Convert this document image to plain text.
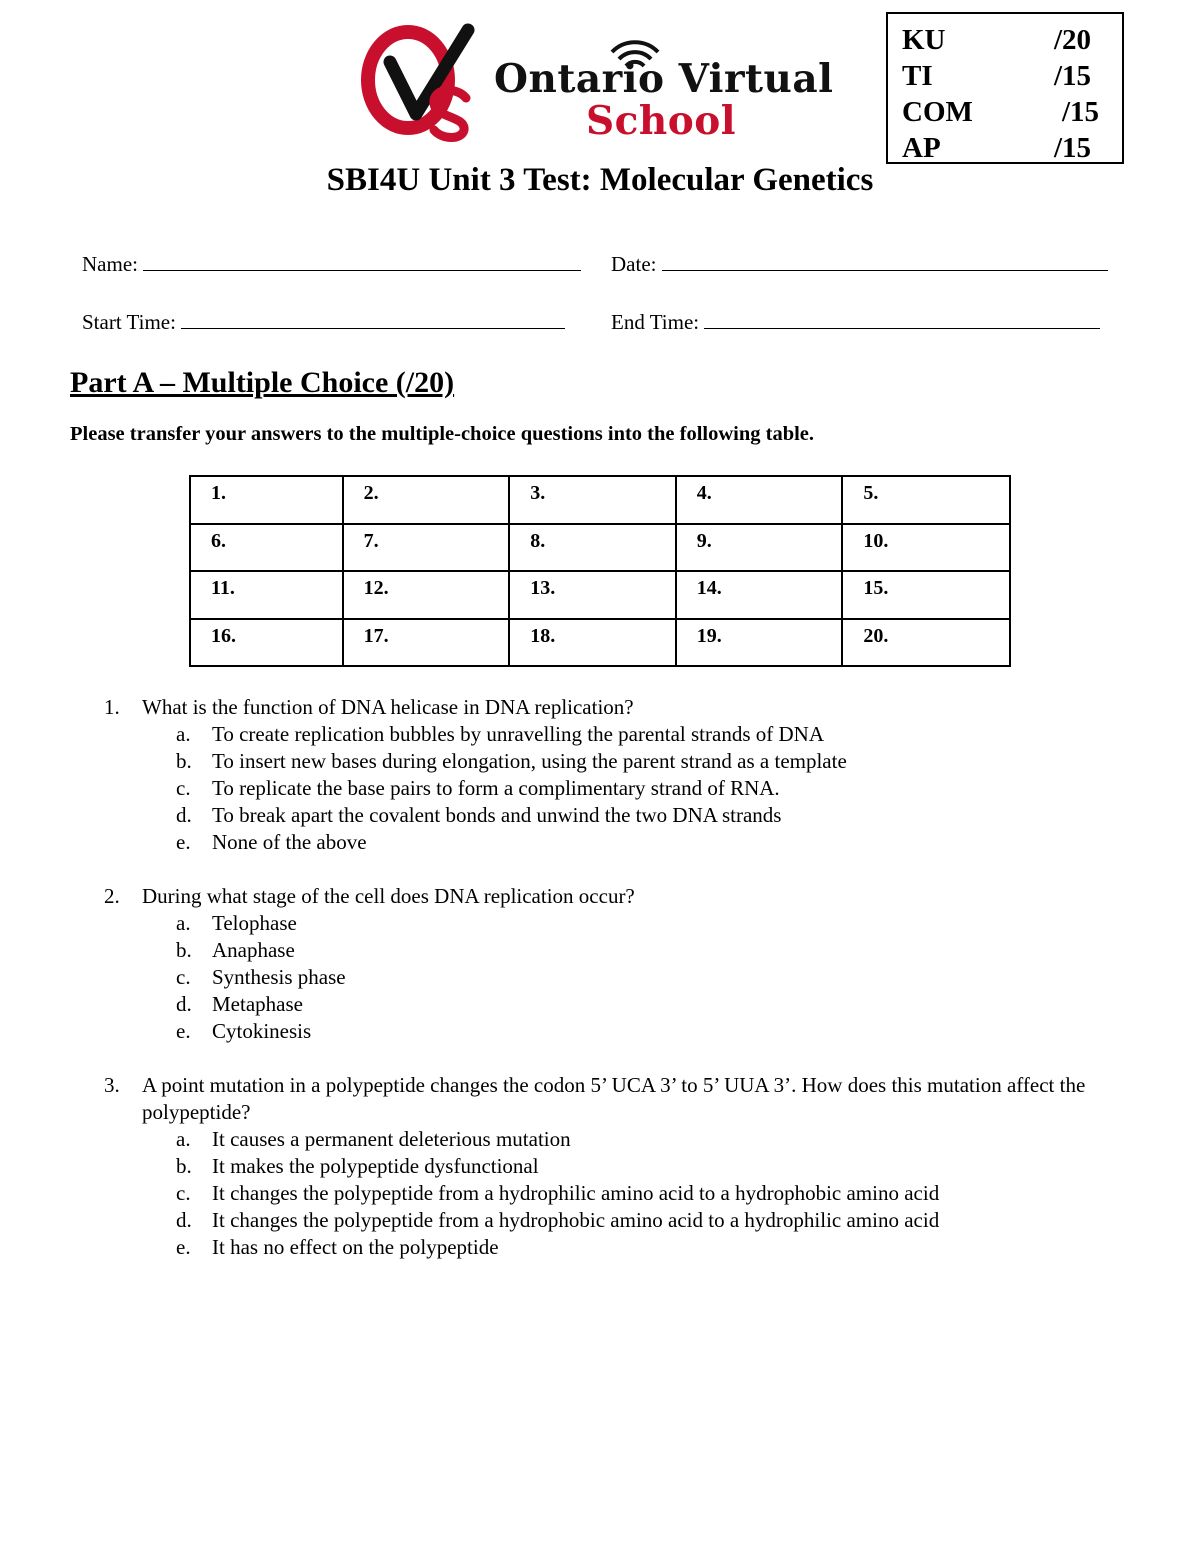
Ontario Virtual
School
KU	/20
TI	/15
COM	/15
AP	/15
SBI4U Unit 3 Test: Molecular Genetics
Name:	Date:
Start Time:	End Time:
Part A – Multiple Choice (/20)
Please transfer your answers to the multiple-choice questions into the following table.
1.	2.	3.	4.	5.
6.	7.	8.	9.	10.
11.	12.	13.	14.	15.
16.	17.	18.	19.	20.
1.	What is the function of DNA helicase in DNA replication?
a.	To create replication bubbles by unravelling the parental strands of DNA
b. To insert new bases during elongation, using the parent strand as a template
c.	To replicate the base pairs to form a complimentary strand of RNA.
d. To break apart the covalent bonds and unwind the two DNA strands
e.	None of the above
2.	During what stage of the cell does DNA replication occur?
a.	Telophase
b. Anaphase
c.	Synthesis phase
d. Metaphase
e.	Cytokinesis
3.	A point mutation in a polypeptide changes the codon 5’ UCA 3’ to 5’ UUA 3’. How does this mutation affect the polypeptide?
a.	It causes a permanent deleterious mutation
b. It makes the polypeptide dysfunctional
c.	It changes the polypeptide from a hydrophilic amino acid to a hydrophobic amino acid
d. It changes the polypeptide from a hydrophobic amino acid to a hydrophilic amino acid
e.	It has no effect on the polypeptide
